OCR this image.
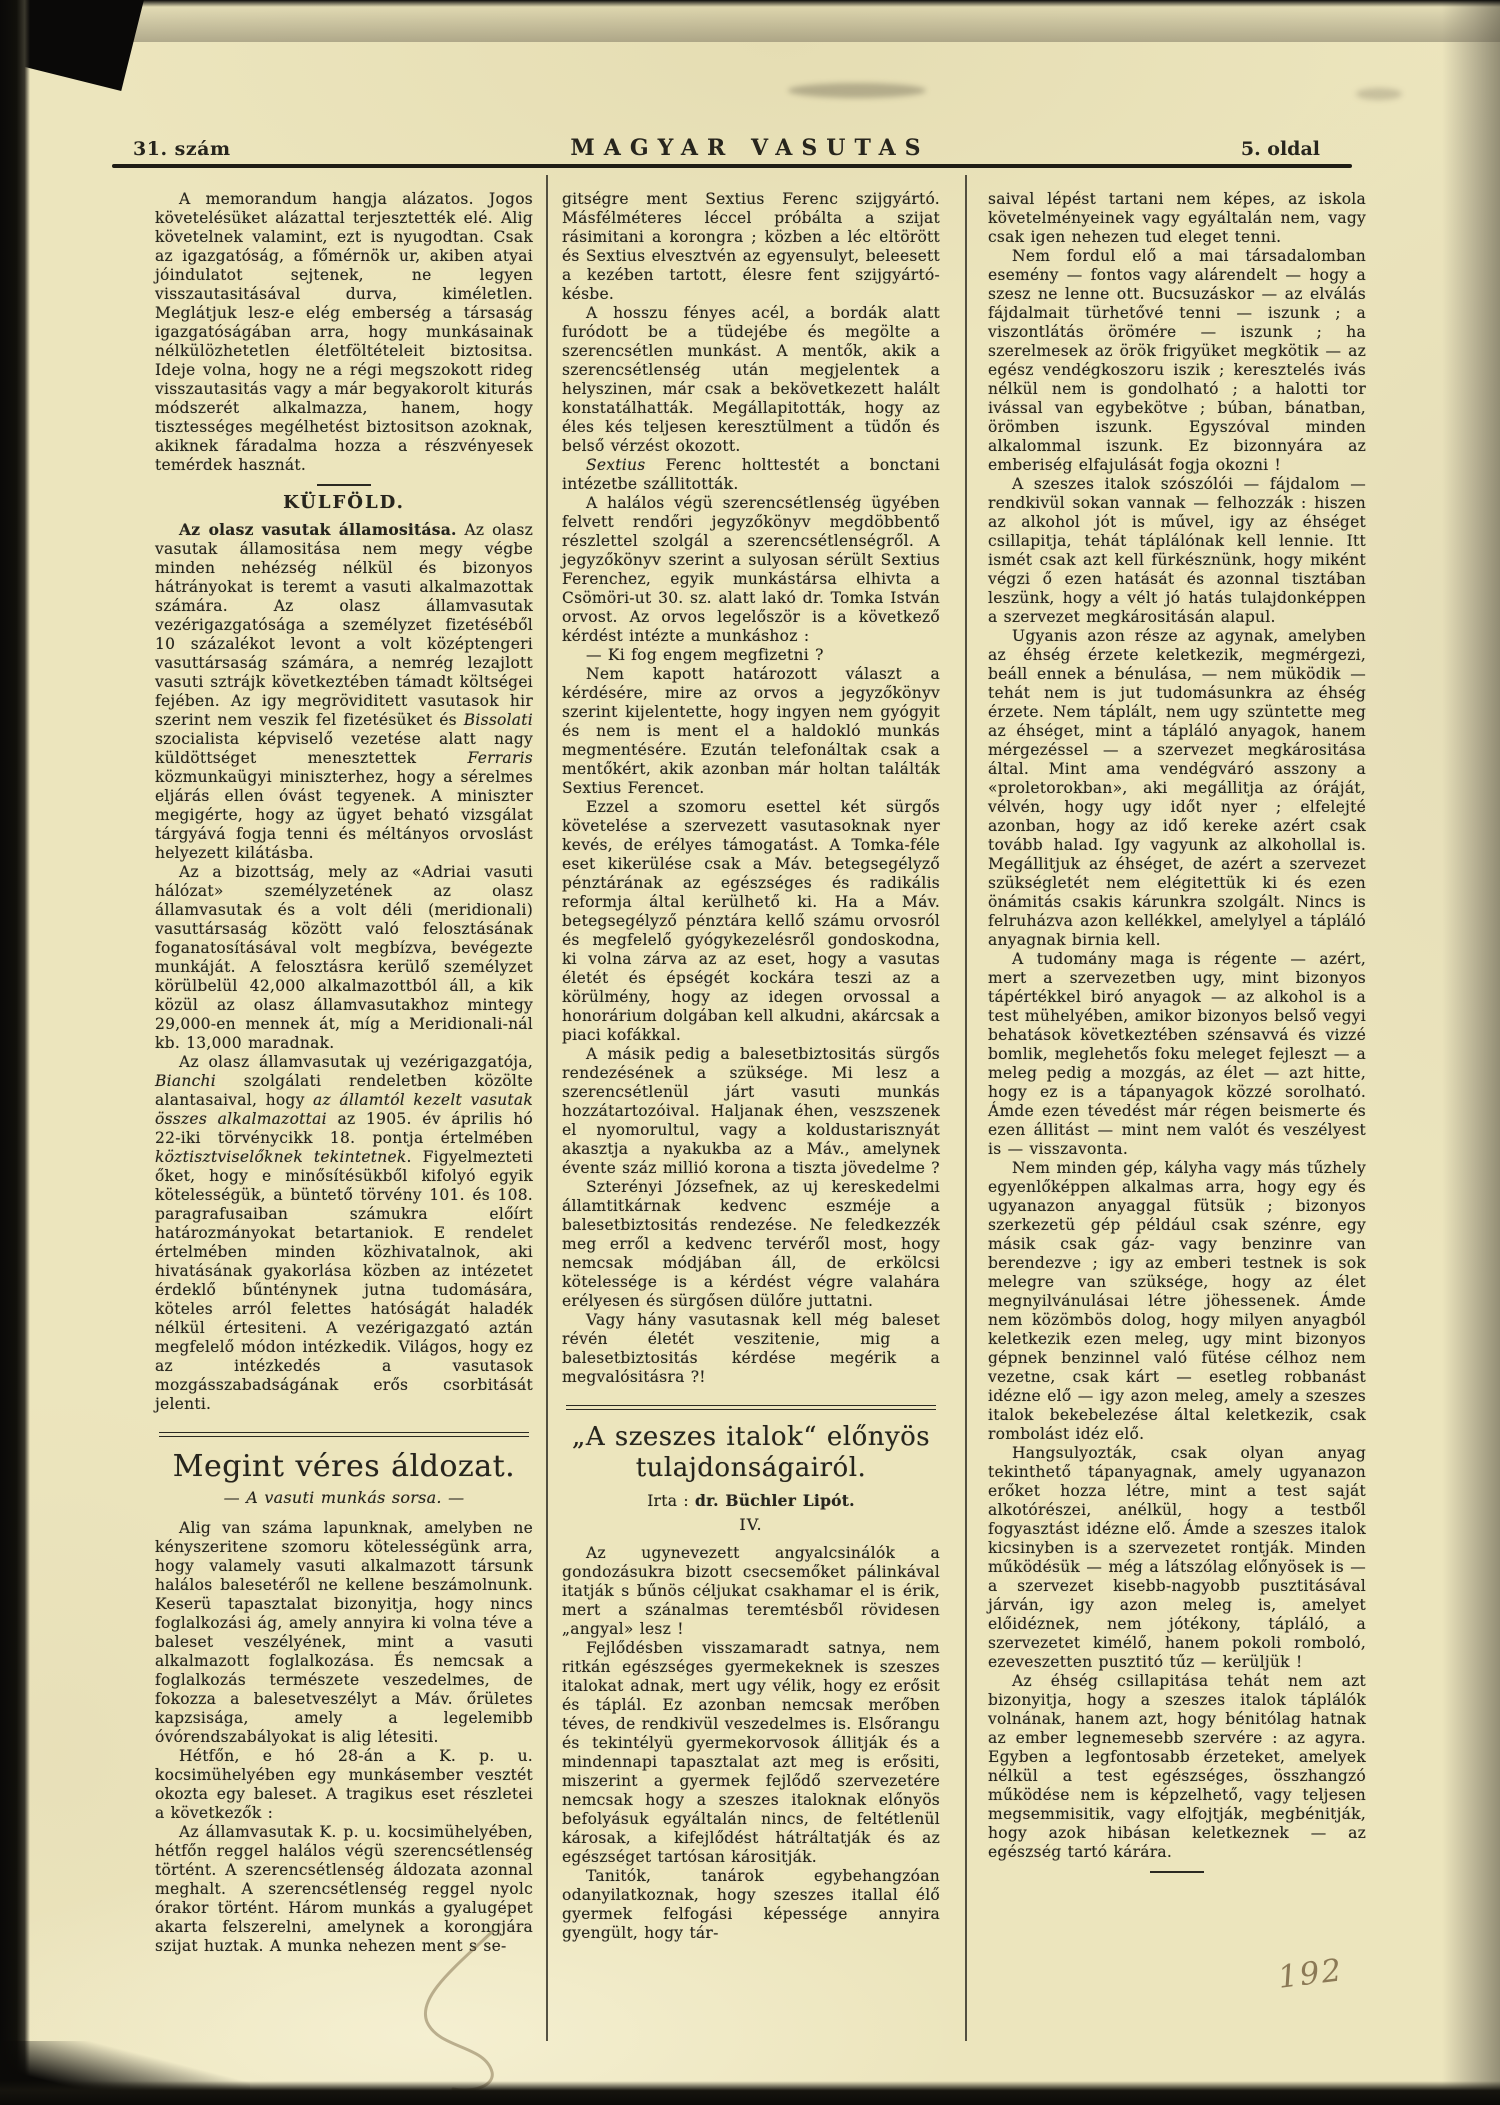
31. szám	MAGYAR VASUTAS	5. oldal

A memorandum hangja alázatos. Jogos követelésüket alázattal terjesztették elé. Alig követelnek valamint, ezt is nyugodtan. Csak az igazgatóság, a főmérnök ur, akiben atyai jóindulatot sejtenek, ne legyen visszautasitásával durva, kiméletlen. Meglátjuk lesz-e elég emberség a társaság igazgatóságában arra, hogy munkásainak nélkülözhetetlen életföltételeit biztositsa. Ideje volna, hogy ne a régi megszokott rideg visszautasitás vagy a már begyakorolt kiturás módszerét alkalmazza, hanem, hogy tisztességes megélhetést biztositson azoknak, akiknek fáradalma hozza a részvényesek temérdek hasznát.

KÜLFÖLD.

Az olasz vasutak államositása. Az olasz vasutak államositása nem megy végbe minden nehézség nélkül és bizonyos hátrányokat is teremt a vasuti alkalmazottak számára. Az olasz államvasutak vezérigazgatósága a személyzet fizetéséből 10 százalékot levont a volt középtengeri vasuttársaság számára, a nemrég lezajlott vasuti sztrájk következtében támadt költségei fejében. Az igy megröviditett vasutasok hir szerint nem veszik fel fizetésüket és Bissolati szocialista képviselő vezetése alatt nagy küldöttséget menesztettek Ferraris közmunkaügyi miniszterhez, hogy a sérelmes eljárás ellen óvást tegyenek. A miniszter megigérte, hogy az ügyet beható vizsgálat tárgyává fogja tenni és méltányos orvoslást helyezett kilátásba.

Az a bizottság, mely az «Adriai vasuti hálózat» személyzetének az olasz államvasutak és a volt déli (meridionali) vasuttársaság között való felosztásának foganatosításával volt megbízva, bevégezte munkáját. A felosztásra kerülő személyzet körülbelül 42,000 alkalmazottból áll, a kik közül az olasz államvasutakhoz mintegy 29,000-en mennek át, míg a Meridionali-nál kb. 13,000 maradnak.

Az olasz államvasutak uj vezérigazgatója, Bianchi szolgálati rendeletben közölte alantasaival, hogy az államtól kezelt vasutak összes alkalmazottai az 1905. év április hó 22-iki törvénycikk 18. pontja értelmében köztisztviselőknek tekintetnek. Figyelmezteti őket, hogy e minősítésükből kifolyó egyik kötelességük, a büntető törvény 101. és 108. paragrafusaiban számukra előírt határozmányokat betartaniok. E rendelet értelmében minden közhivatalnok, aki hivatásának gyakorlása közben az intézetet érdeklő bűnténynek jutna tudomására, köteles arról felettes hatóságát haladék nélkül értesiteni. A vezérigazgató aztán megfelelő módon intézkedik. Világos, hogy ez az intézkedés a vasutasok mozgásszabadságának erős csorbitását jelenti.

Megint véres áldozat.
— A vasuti munkás sorsa. —

Alig van száma lapunknak, amelyben ne kényszeritene szomoru kötelességünk arra, hogy valamely vasuti alkalmazott társunk halálos balesetéről ne kellene beszámolnunk. Keserü tapasztalat bizonyitja, hogy nincs foglalkozási ág, amely annyira ki volna téve a baleset veszélyének, mint a vasuti alkalmazott foglalkozása. És nemcsak a foglalkozás természete veszedelmes, de fokozza a balesetveszélyt a Máv. őrületes kapzsisága, amely a legelemibb óvórendszabályokat is alig létesiti.

Hétfőn, e hó 28-án a K. p. u. kocsimühelyében egy munkásember vesztét okozta egy baleset. A tragikus eset részletei a következők :

Az államvasutak K. p. u. kocsimühelyében, hétfőn reggel halálos végü szerencsétlenség történt. A szerencsétlenség áldozata azonnal meghalt. A szerencsétlenség reggel nyolc órakor történt. Három munkás a gyalugépet akarta felszerelni, amelynek a korongjára szijat huztak. A munka nehezen ment s se-

gitségre ment Sextius Ferenc szijgyártó. Másfélméteres léccel próbálta a szijat rásimitani a korongra ; közben a léc eltörött és Sextius elvesztvén az egyensulyt, beleesett a kezében tartott, élesre fent szijgyártó-késbe.

A hosszu fényes acél, a bordák alatt furódott be a tüdejébe és megölte a szerencsétlen munkást. A mentők, akik a szerencsétlenség után megjelentek a helyszinen, már csak a bekövetkezett halált konstatálhatták. Megállapitották, hogy az éles kés teljesen keresztülment a tüdőn és belső vérzést okozott.

Sextius Ferenc holttestét a bonctani intézetbe szállitották.

A halálos végü szerencsétlenség ügyében felvett rendőri jegyzőkönyv megdöbbentő részlettel szolgál a szerencsétlenségről. A jegyzőkönyv szerint a sulyosan sérült Sextius Ferenchez, egyik munkástársa elhivta a Csömöri-ut 30. sz. alatt lakó dr. Tomka István orvost. Az orvos legelőször is a következő kérdést intézte a munkáshoz :

— Ki fog engem megfizetni ?

Nem kapott határozott választ a kérdésére, mire az orvos a jegyzőkönyv szerint kijelentette, hogy ingyen nem gyógyit és nem is ment el a haldokló munkás megmentésére. Ezután telefonáltak csak a mentőkért, akik azonban már holtan találták Sextius Ferencet.

Ezzel a szomoru esettel két sürgős követelése a szervezett vasutasoknak nyer kevés, de erélyes támogatást. A Tomka-féle eset kikerülése csak a Máv. betegsegélyző pénztárának az egészséges és radikális reformja által kerülhető ki. Ha a Máv. betegsegélyző pénztára kellő számu orvosról és megfelelő gyógykezelésről gondoskodna, ki volna zárva az az eset, hogy a vasutas életét és épségét kockára teszi az a körülmény, hogy az idegen orvossal a honorárium dolgában kell alkudni, akárcsak a piaci kofákkal.

A másik pedig a balesetbiztositás sürgős rendezésének a szüksége. Mi lesz a szerencsétlenül járt vasuti munkás hozzátartozóival. Haljanak éhen, veszszenek el nyomorultul, vagy a koldustarisznyát akasztja a nyakukba az a Máv., amelynek évente száz millió korona a tiszta jövedelme ?

Szterényi Józsefnek, az uj kereskedelmi államtitkárnak kedvenc eszméje a balesetbiztositás rendezése. Ne feledkezzék meg erről a kedvenc tervéről most, hogy nemcsak módjában áll, de erkölcsi kötelessége is a kérdést végre valahára erélyesen és sürgősen dülőre juttatni.

Vagy hány vasutasnak kell még baleset révén életét veszitenie, mig a balesetbiztositás kérdése megérik a megvalósitásra ?!

„A szeszes italok“ előnyös tulajdonságairól.
Irta : dr. Büchler Lipót.
IV.

Az ugynevezett angyalcsinálók a gondozásukra bizott csecsemőket pálinkával itatják s bűnös céljukat csakhamar el is érik, mert a szánalmas teremtésből rövidesen „angyal» lesz !

Fejlődésben visszamaradt satnya, nem ritkán egészséges gyermekeknek is szeszes italokat adnak, mert ugy vélik, hogy ez erősit és táplál. Ez azonban nemcsak merőben téves, de rendkivül veszedelmes is. Elsőrangu és tekintélyü gyermekorvosok állitják és a mindennapi tapasztalat azt meg is erősiti, miszerint a gyermek fejlődő szervezetére nemcsak hogy a szeszes italoknak előnyös befolyásuk egyáltalán nincs, de feltétlenül károsak, a kifejlődést hátráltatják és az egészséget tartósan kárositják.

Tanitók, tanárok egybehangzóan odanyilatkoznak, hogy szeszes itallal élő gyermek felfogási képessége annyira gyengült, hogy tár-

saival lépést tartani nem képes, az iskola követelményeinek vagy egyáltalán nem, vagy csak igen nehezen tud eleget tenni.

Nem fordul elő a mai társadalomban esemény — fontos vagy alárendelt — hogy a szesz ne lenne ott. Bucsuzáskor — az elválás fájdalmait türhetővé tenni — iszunk ; a viszontlátás örömére — iszunk ; ha szerelmesek az örök frigyüket megkötik — az egész vendégkoszoru iszik ; keresztelés ivás nélkül nem is gondolható ; a halotti tor ivással van egybekötve ; búban, bánatban, örömben iszunk. Egyszóval minden alkalommal iszunk. Ez bizonnyára az emberiség elfajulását fogja okozni !

A szeszes italok szószólói — fájdalom — rendkivül sokan vannak — felhozzák : hiszen az alkohol jót is művel, igy az éhséget csillapitja, tehát táplálónak kell lennie. Itt ismét csak azt kell fürkésznünk, hogy miként végzi ő ezen hatását és azonnal tisztában leszünk, hogy a vélt jó hatás tulajdonképpen a szervezet megkárositásán alapul.

Ugyanis azon része az agynak, amelyben az éhség érzete keletkezik, megmérgezi, beáll ennek a bénulása, — nem müködik — tehát nem is jut tudomásunkra az éhség érzete. Nem táplált, nem ugy szüntette meg az éhséget, mint a tápláló anyagok, hanem mérgezéssel — a szervezet megkárositása által. Mint ama vendégváró asszony a «proletorokban», aki megállitja az óráját, vélvén, hogy ugy időt nyer ; elfelejté azonban, hogy az idő kereke azért csak tovább halad. Igy vagyunk az alkohollal is. Megállitjuk az éhséget, de azért a szervezet szükségletét nem elégitettük ki és ezen önámitás csakis kárunkra szolgált. Nincs is felruházva azon kellékkel, amelylyel a tápláló anyagnak birnia kell.

A tudomány maga is régente — azért, mert a szervezetben ugy, mint bizonyos tápértékkel biró anyagok — az alkohol is a test mühelyében, amikor bizonyos belső vegyi behatások következtében szénsavvá és vizzé bomlik, meglehetős foku meleget fejleszt — a meleg pedig a mozgás, az élet — azt hitte, hogy ez is a tápanyagok közzé sorolható. Ámde ezen tévedést már régen beismerte és ezen állitást — mint nem valót és veszélyest is — visszavonta.

Nem minden gép, kályha vagy más tűzhely egyenlőképpen alkalmas arra, hogy egy és ugyanazon anyaggal fütsük ; bizonyos szerkezetü gép például csak szénre, egy másik csak gáz- vagy benzinre van berendezve ; igy az emberi testnek is sok melegre van szüksége, hogy az élet megnyilvánulásai létre jöhessenek. Ámde nem közömbös dolog, hogy milyen anyagból keletkezik ezen meleg, ugy mint bizonyos gépnek benzinnel való fütése célhoz nem vezetne, csak kárt — esetleg robbanást idézne elő — igy azon meleg, amely a szeszes italok bekebelezése által keletkezik, csak rombolást idéz elő.

Hangsulyozták, csak olyan anyag tekinthető tápanyagnak, amely ugyanazon erőket hozza létre, mint a test saját alkotórészei, anélkül, hogy a testből fogyasztást idézne elő. Ámde a szeszes italok kicsinyben is a szervezetet rontják. Minden működésük — még a látszólag előnyösek is — a szervezet kisebb-nagyobb pusztitásával járván, igy azon meleg is, amelyet előidéznek, nem jótékony, tápláló, a szervezetet kimélő, hanem pokoli romboló, ezeveszetten pusztitó tűz — kerüljük !

Az éhség csillapitása tehát nem azt bizonyitja, hogy a szeszes italok táplálók volnának, hanem azt, hogy bénitólag hatnak az ember legnemesebb szervére : az agyra. Egyben a legfontosabb érzeteket, amelyek nélkül a test egészséges, összhangzó működése nem is képzelhető, vagy teljesen megsemmisitik, vagy elfojtják, megbénitják, hogy azok hibásan keletkeznek — az egészség tartó kárára.

192
